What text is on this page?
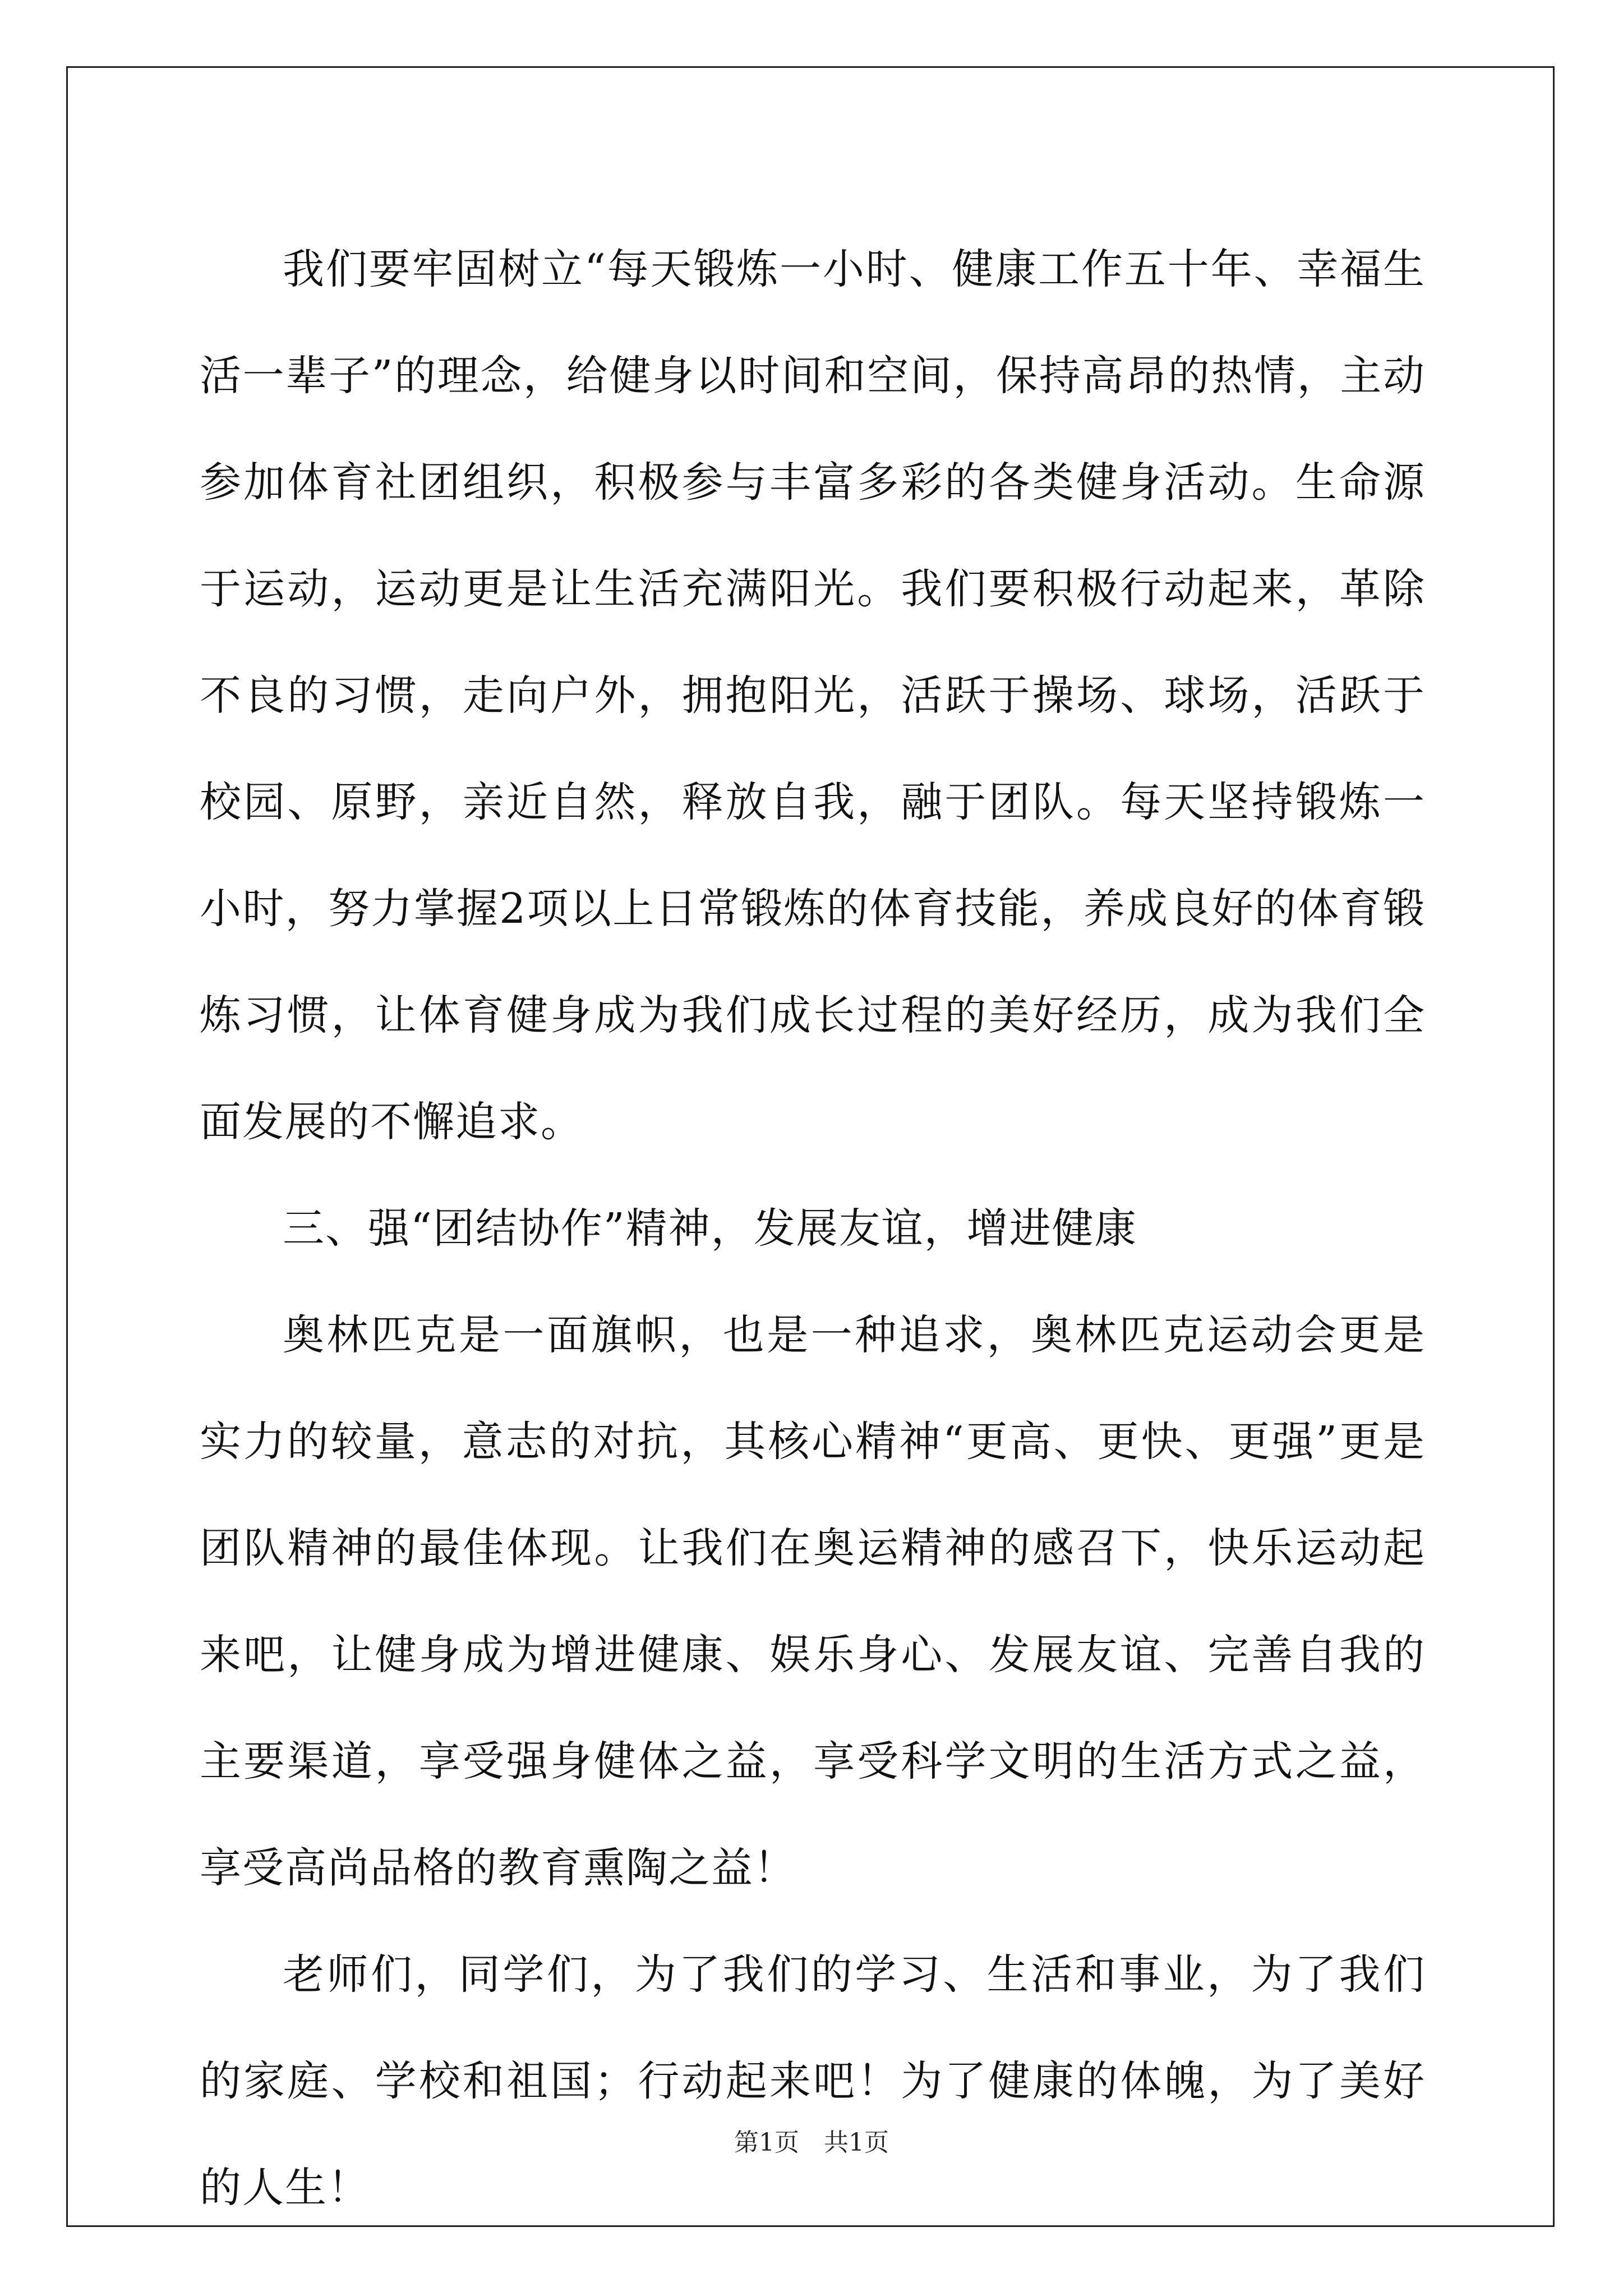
我们要牢固树立“每天锻炼一小时、健康工作五十年、幸福生活一辈子”的理念，给健身以时间和空间，保持高昂的热情，主动参加体育社团组织，积极参与丰富多彩的各类健身活动。生命源于运动，运动更是让生活充满阳光。我们要积极行动起来，革除不良的习惯，走向户外，拥抱阳光，活跃于操场、球场，活跃于校园、原野，亲近自然，释放自我，融于团队。每天坚持锻炼一小时，努力掌握2项以上日常锻炼的体育技能，养成良好的体育锻炼习惯，让体育健身成为我们成长过程的美好经历，成为我们全面发展的不懈追求。

三、强“团结协作”精神，发展友谊，增进健康

奥林匹克是一面旗帜，也是一种追求，奥林匹克运动会更是实力的较量，意志的对抗，其核心精神“更高、更快、更强”更是团队精神的最佳体现。让我们在奥运精神的感召下，快乐运动起来吧，让健身成为增进健康、娱乐身心、发展友谊、完善自我的主要渠道，享受强身健体之益，享受科学文明的生活方式之益，享受高尚品格的教育熏陶之益！

老师们，同学们，为了我们的学习、生活和事业，为了我们的家庭、学校和祖国；行动起来吧！为了健康的体魄，为了美好的人生！

第1页　共1页
